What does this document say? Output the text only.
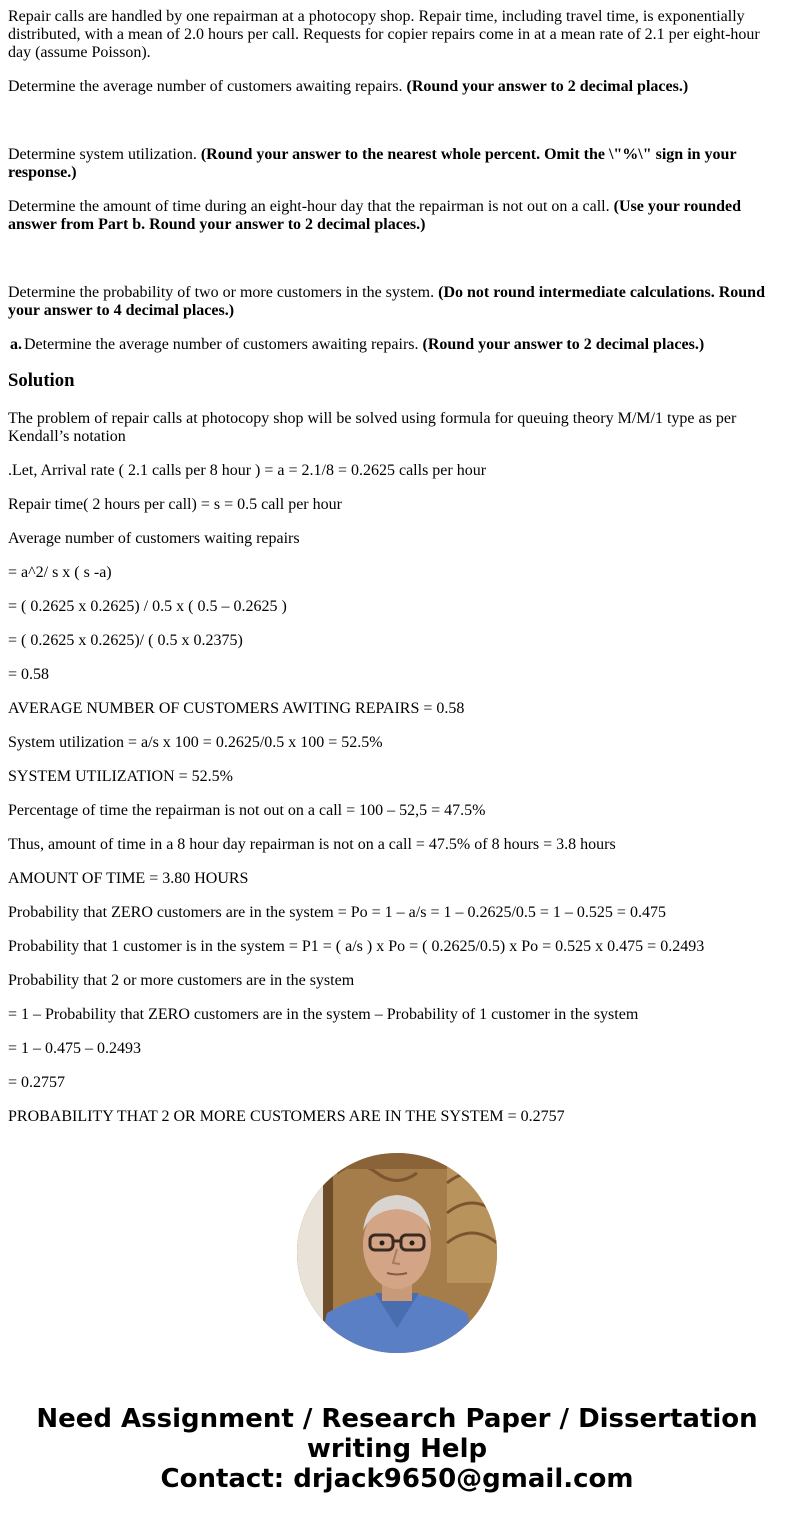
Repair calls are handled by one repairman at a photocopy shop. Repair time, including travel time, is exponentially distributed, with a mean of 2.0 hours per call. Requests for copier repairs come in at a mean rate of 2.1 per eight-hour day (assume Poisson).

Determine the average number of customers awaiting repairs. (Round your answer to 2 decimal places.)

Determine system utilization. (Round your answer to the nearest whole percent. Omit the \"%\" sign in your response.)

Determine the amount of time during an eight-hour day that the repairman is not out on a call. (Use your rounded answer from Part b. Round your answer to 2 decimal places.)

Determine the probability of two or more customers in the system. (Do not round intermediate calculations. Round your answer to 4 decimal places.)

a. Determine the average number of customers awaiting repairs. (Round your answer to 2 decimal places.)
Solution

The problem of repair calls at photocopy shop will be solved using formula for queuing theory M/M/1 type as per Kendall’s notation

.Let, Arrival rate ( 2.1 calls per 8 hour ) = a = 2.1/8 = 0.2625 calls per hour

Repair time( 2 hours per call) = s = 0.5 call per hour

Average number of customers waiting repairs

= a^2/ s x ( s -a)

= ( 0.2625 x 0.2625) / 0.5 x ( 0.5 – 0.2625 )

= ( 0.2625 x 0.2625)/ ( 0.5 x 0.2375)

= 0.58

AVERAGE NUMBER OF CUSTOMERS AWITING REPAIRS = 0.58

System utilization = a/s x 100 = 0.2625/0.5 x 100 = 52.5%

SYSTEM UTILIZATION = 52.5%

Percentage of time the repairman is not out on a call = 100 – 52,5 = 47.5%

Thus, amount of time in a 8 hour day repairman is not on a call = 47.5% of 8 hours = 3.8 hours

AMOUNT OF TIME = 3.80 HOURS

Probability that ZERO customers are in the system = Po = 1 – a/s = 1 – 0.2625/0.5 = 1 – 0.525 = 0.475

Probability that 1 customer is in the system = P1 = ( a/s ) x Po = ( 0.2625/0.5) x Po = 0.525 x 0.475 = 0.2493

Probability that 2 or more customers are in the system

= 1 – Probability that ZERO customers are in the system – Probability of 1 customer in the system

= 1 – 0.475 – 0.2493

= 0.2757

PROBABILITY THAT 2 OR MORE CUSTOMERS ARE IN THE SYSTEM = 0.2757

Need Assignment / Research Paper / Dissertation
writing Help
Contact: drjack9650@gmail.com
